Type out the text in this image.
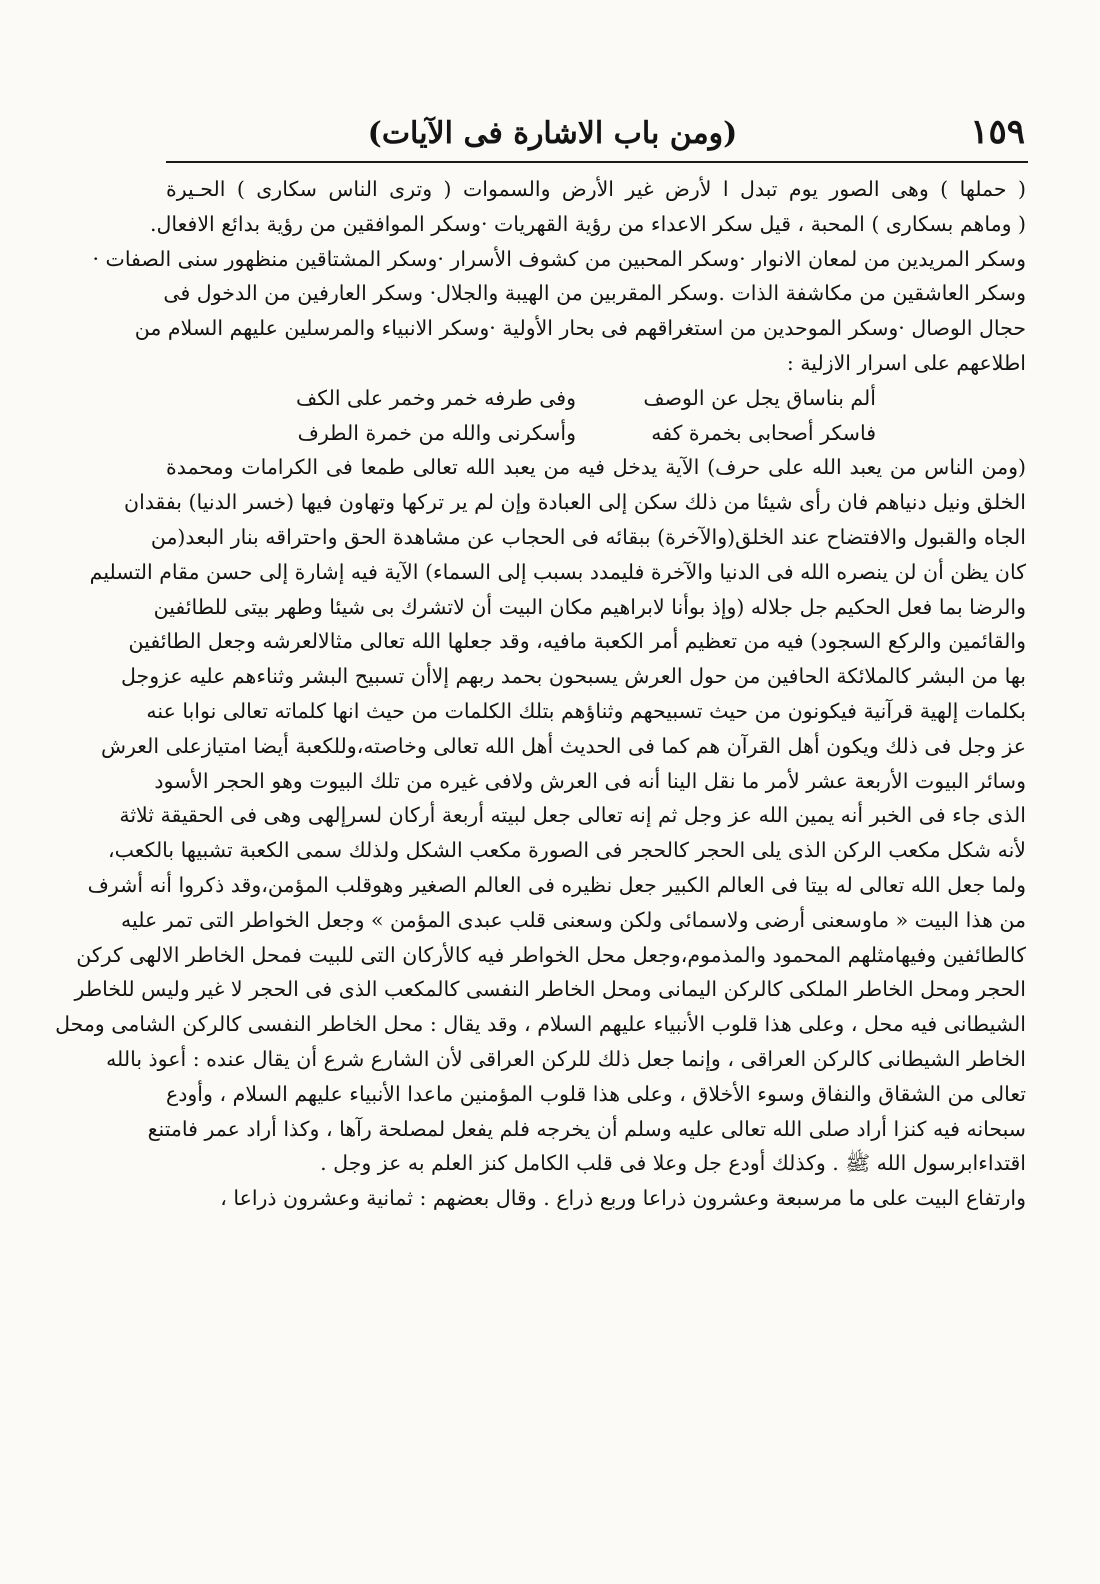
(ومن باب الاشارة فى الآيات)	١٥٩
( حملها ) وهى الصور يوم تبدل ا لأرض غير الأرض والسموات ( وترى الناس سكارى ) الحـيرة
( وماهم بسكارى ) المحبة ، قيل سكر الاعداء من رؤية القهريات ·وسكر الموافقين من رؤية بدائع الافعال.
وسكر المريدين من لمعان الانوار ·وسكر المحبين من كشوف الأسرار ·وسكر المشتاقين منظهور سنى الصفات ·
وسكر العاشقين من مكاشفة الذات .وسكر المقربين من الهيبة والجلال· وسكر العارفين من الدخول فى
حجال الوصال ·وسكر الموحدين من استغراقهم فى بحار الأولية ·وسكر الانبياء والمرسلين عليهم السلام من
اطلاعهم على اسرار الازلية :
ألم بناساق يجل عن الوصفوفى طرفه خمر وخمر على الكف
فاسكر أصحابى بخمرة كفهوأسكرنى والله من خمرة الطرف
(ومن الناس من يعبد الله على حرف) الآية يدخل فيه من يعبد الله تعالى طمعا فى الكرامات ومحمدة
الخلق ونيل دنياهم فان رأى شيئا من ذلك سكن إلى العبادة وإن لم ير تركها وتهاون فيها (خسر الدنيا) بفقدان
الجاه والقبول والافتضاح عند الخلق(والآخرة) ببقائه فى الحجاب عن مشاهدة الحق واحتراقه بنار البعد(من
كان يظن أن لن ينصره الله فى الدنيا والآخرة فليمدد بسبب إلى السماء) الآية فيه إشارة إلى حسن مقام التسليم
والرضا بما فعل الحكيم جل جلاله (وإذ بوأنا لابراهيم مكان البيت أن لاتشرك بى شيئا وطهر بيتى للطائفين
والقائمين والركع السجود) فيه من تعظيم أمر الكعبة مافيه، وقد جعلها الله تعالى مثالالعرشه وجعل الطائفين
بها من البشر كالملائكة الحافين من حول العرش يسبحون بحمد ربهم إلاأن تسبيح البشر وثناءهم عليه عزوجل
بكلمات إلهية قرآنية فيكونون من حيث تسبيحهم وثناؤهم بتلك الكلمات من حيث انها كلماته تعالى نوابا عنه
عز وجل فى ذلك ويكون أهل القرآن هم كما فى الحديث أهل الله تعالى وخاصته،وللكعبة أيضا امتيازعلى العرش
وسائر البيوت الأربعة عشر لأمر ما نقل الينا أنه فى العرش ولافى غيره من تلك البيوت وهو الحجر الأسود
الذى جاء فى الخبر أنه يمين الله عز وجل ثم إنه تعالى جعل لبيته أربعة أركان لسرإلهى وهى فى الحقيقة ثلاثة
لأنه شكل مكعب الركن الذى يلى الحجر كالحجر فى الصورة مكعب الشكل ولذلك سمى الكعبة تشبيها بالكعب،
ولما جعل الله تعالى له بيتا فى العالم الكبير جعل نظيره فى العالم الصغير وهوقلب المؤمن،وقد ذكروا أنه أشرف
من هذا البيت « ماوسعنى أرضى ولاسمائى ولكن وسعنى قلب عبدى المؤمن » وجعل الخواطر التى تمر عليه
كالطائفين وفيهامثلهم المحمود والمذموم،وجعل محل الخواطر فيه كالأركان التى للبيت فمحل الخاطر الالهى كركن
الحجر ومحل الخاطر الملكى كالركن اليمانى ومحل الخاطر النفسى كالمكعب الذى فى الحجر لا غير وليس للخاطر
الشيطانى فيه محل ، وعلى هذا قلوب الأنبياء عليهم السلام ، وقد يقال : محل الخاطر النفسى كالركن الشامى ومحل
الخاطر الشيطانى كالركن العراقى ، وإنما جعل ذلك للركن العراقى لأن الشارع شرع أن يقال عنده : أعوذ بالله
تعالى من الشقاق والنفاق وسوء الأخلاق ، وعلى هذا قلوب المؤمنين ماعدا الأنبياء عليهم السلام ، وأودع
سبحانه فيه كنزا أراد صلى الله تعالى عليه وسلم أن يخرجه فلم يفعل لمصلحة رآها ، وكذا أراد عمر فامتنع
اقتداءابرسول الله ﷺ . وكذلك أودع جل وعلا فى قلب الكامل كنز العلم به عز وجل .
وارتفاع البيت على ما مرسبعة وعشرون ذراعا وربع ذراع . وقال بعضهم : ثمانية وعشرون ذراعا ،
